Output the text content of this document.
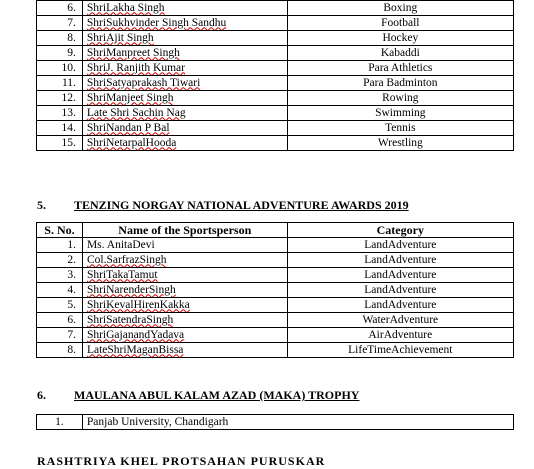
6.	ShriLakha Singh	Boxing
7.	ShriSukhvinder Singh Sandhu	Football
8.	ShriAjit Singh	Hockey
9.	ShriManpreet Singh	Kabaddi
10.	ShriJ. Ranjith Kumar	Para Athletics
11.	ShriSatyaprakash Tiwari	Para Badminton
12.	ShriManjeet Singh	Rowing
13.	Late Shri Sachin Nag	Swimming
14.	ShriNandan P Bal	Tennis
15.	ShriNetarpalHooda	Wrestling
5. TENZING NORGAY NATIONAL ADVENTURE AWARDS 2019
S. No.	Name of the Sportsperson	Category
1.	Ms. AnitaDevi	LandAdventure
2.	Col.SarfrazSingh	LandAdventure
3.	ShriTakaTamut	LandAdventure
4.	ShriNarenderSingh	LandAdventure
5.	ShriKevalHirenKakka	LandAdventure
6.	ShriSatendraSingh	WaterAdventure
7.	ShriGajanandYadava	AirAdventure
8.	LateShriMaganBissa	LifeTimeAchievement
6. MAULANA ABUL KALAM AZAD (MAKA) TROPHY
1.	Panjab University, Chandigarh
RASHTRIYA KHEL PROTSAHAN PURUSKAR
